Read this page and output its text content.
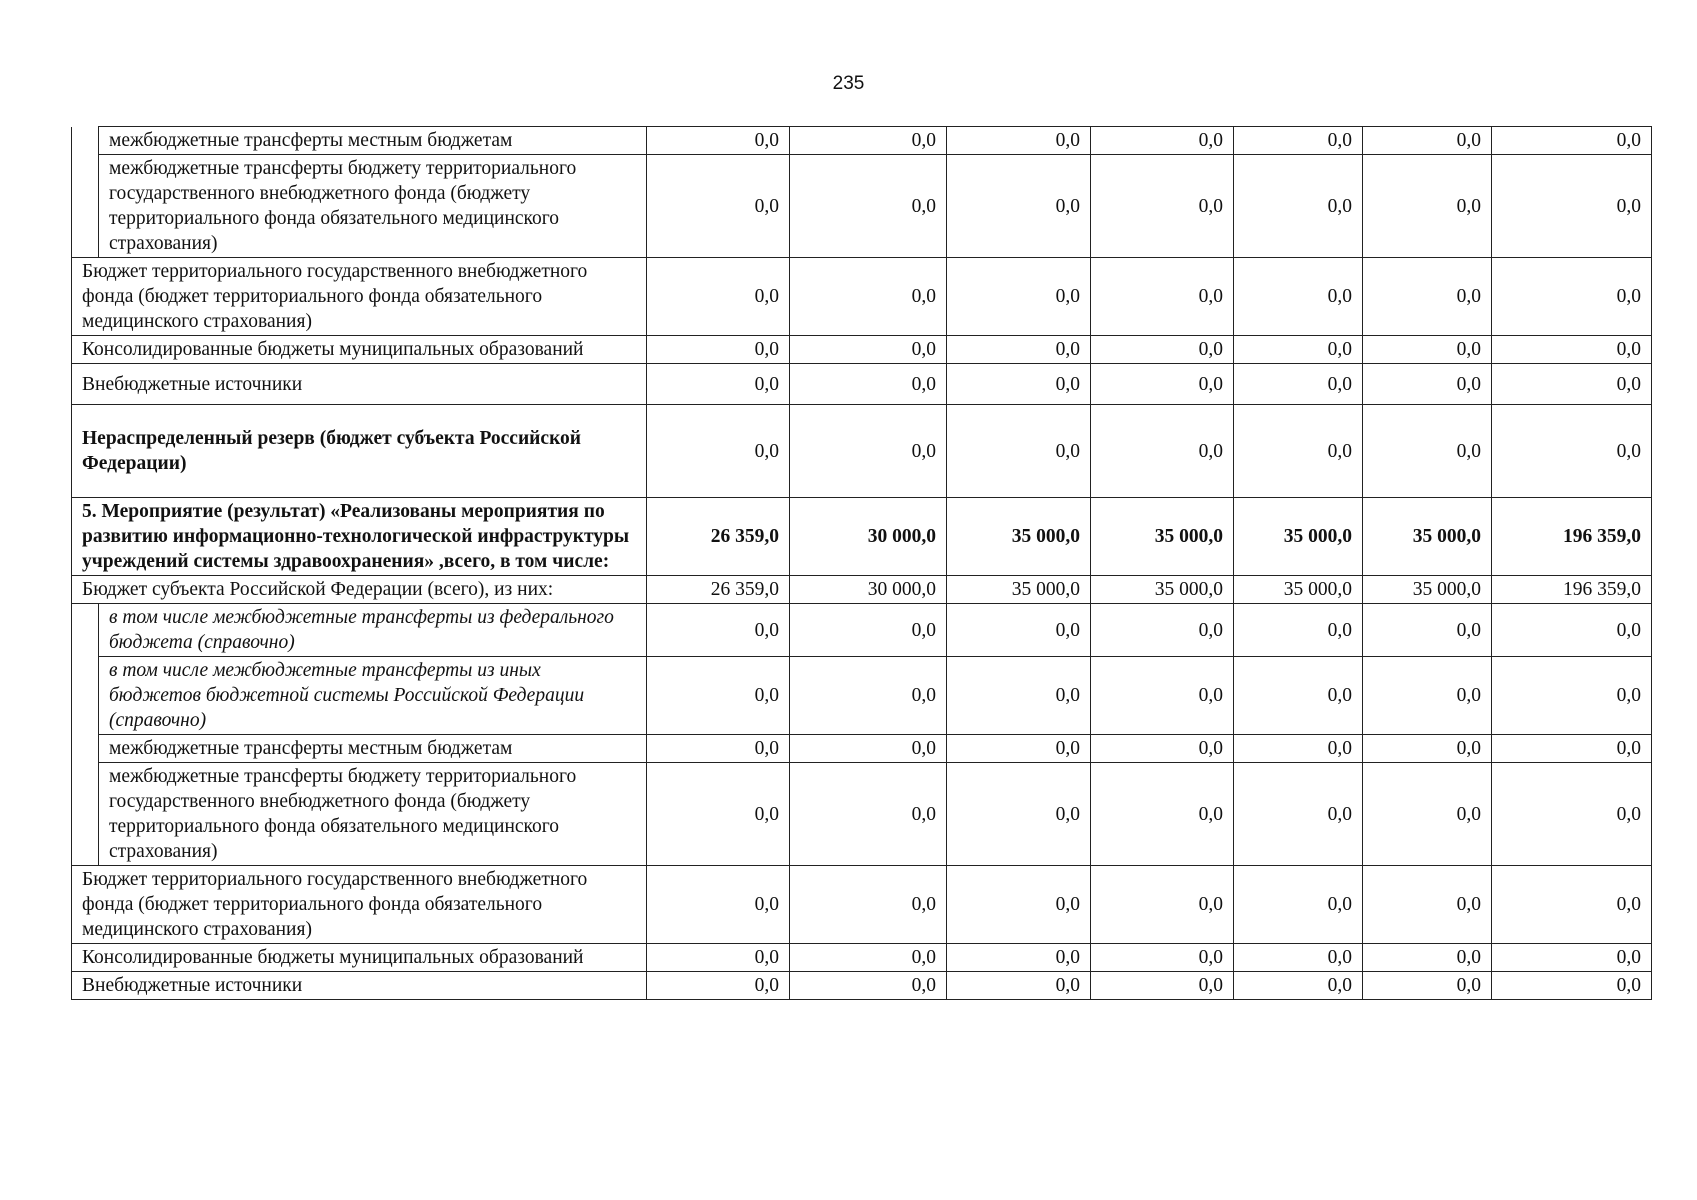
235
	межбюджетные трансферты местным бюджетам	0,0	0,0	0,0	0,0	0,0	0,0	0,0
	межбюджетные трансферты бюджету территориального государственного внебюджетного фонда (бюджету территориального фонда обязательного медицинского страхования)	0,0	0,0	0,0	0,0	0,0	0,0	0,0
Бюджет территориального государственного внебюджетного фонда (бюджет территориального фонда обязательного медицинского страхования)		0,0	0,0	0,0	0,0	0,0	0,0	0,0
Консолидированные бюджеты муниципальных образований		0,0	0,0	0,0	0,0	0,0	0,0	0,0
Внебюджетные источники		0,0	0,0	0,0	0,0	0,0	0,0	0,0
Нераспределенный резерв (бюджет субъекта Российской Федерации)		0,0	0,0	0,0	0,0	0,0	0,0	0,0
5. Мероприятие (результат) «Реализованы мероприятия по развитию информационно-технологической инфраструктуры учреждений системы здравоохранения» ,всего, в том числе:		26 359,0	30 000,0	35 000,0	35 000,0	35 000,0	35 000,0	196 359,0
Бюджет субъекта Российской Федерации (всего), из них:		26 359,0	30 000,0	35 000,0	35 000,0	35 000,0	35 000,0	196 359,0
	в том числе межбюджетные трансферты из федерального бюджета (справочно)	0,0	0,0	0,0	0,0	0,0	0,0	0,0
	в том числе межбюджетные трансферты из иных бюджетов бюджетной системы Российской Федерации (справочно)	0,0	0,0	0,0	0,0	0,0	0,0	0,0
	межбюджетные трансферты местным бюджетам	0,0	0,0	0,0	0,0	0,0	0,0	0,0
	межбюджетные трансферты бюджету территориального государственного внебюджетного фонда (бюджету территориального фонда обязательного медицинского страхования)	0,0	0,0	0,0	0,0	0,0	0,0	0,0
Бюджет территориального государственного внебюджетного фонда (бюджет территориального фонда обязательного медицинского страхования)		0,0	0,0	0,0	0,0	0,0	0,0	0,0
Консолидированные бюджеты муниципальных образований		0,0	0,0	0,0	0,0	0,0	0,0	0,0
Внебюджетные источники		0,0	0,0	0,0	0,0	0,0	0,0	0,0
